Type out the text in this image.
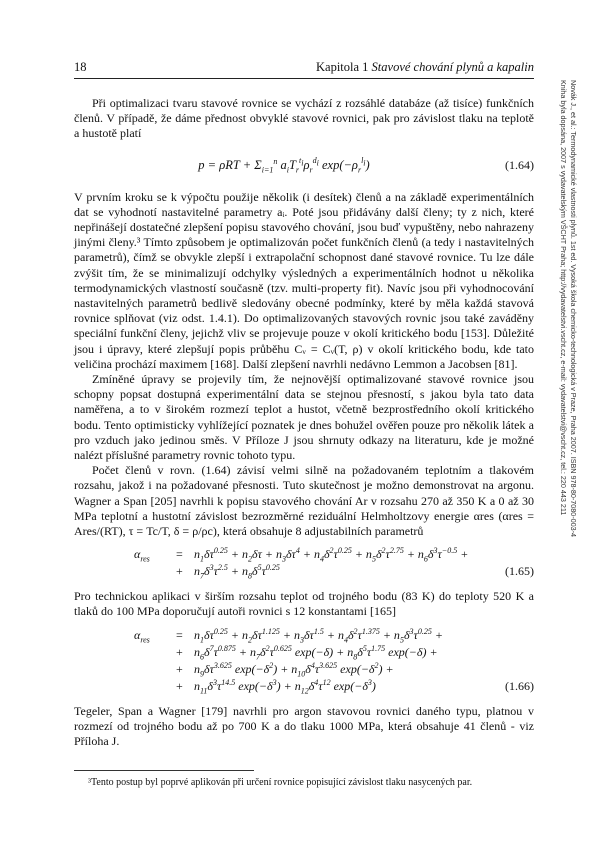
18	Kapitola 1 Stavové chování plynů a kapalin

Při optimalizaci tvaru stavové rovnice se vychází z rozsáhlé databáze (až tisíce) funkčních členů. V případě, že dáme přednost obvyklé stavové rovnici, pak pro závislost tlaku na teplotě a hustotě platí

$p = \rho RT + \Sigma_{i=1}^n$ $a_iT_r^{t_i}\rho_r^{d_i}$ $\exp(-\rho_r^{l_i})$	(1.64)

V prvním kroku se k výpočtu použije několik (i desítek) členů a na základě experimentálních dat se vyhodnotí nastavitelné parametry aᵢ. Poté jsou přidávány další členy; ty z nich, které nepřinášejí dostatečné zlepšení popisu stavového chování, jsou buď vypuštěny, nebo nahrazeny jinými členy.³ Tímto způsobem je optimalizován počet funkčních členů (a tedy i nastavitelných parametrů), čímž se obvykle zlepší i extrapolační schopnost dané stavové rovnice. Tu lze dále zvýšit tím, že se minimalizují odchylky výsledných a experimentálních hodnot u několika termodynamických vlastností současně (tzv. multi-property fit). Navíc jsou při vyhodnocování nastavitelných parametrů bedlivě sledovány obecné podmínky, které by měla každá stavová rovnice splňovat (viz odst. 1.4.1). Do optimalizovaných stavových rovnic jsou také zaváděny speciální funkční členy, jejichž vliv se projevuje pouze v okolí kritického bodu [153]. Důležité jsou i úpravy, které zlepšují popis průběhu Cᵥ = Cᵥ(T, ρ) v okolí kritického bodu, kde tato veličina prochází maximem [168]. Další zlepšení navrhli nedávno Lemmon a Jacobsen [81].

Zmíněné úpravy se projevily tím, že nejnovější optimalizované stavové rovnice jsou schopny popsat dostupná experimentální data se stejnou přesností, s jakou byla tato data naměřena, a to v širokém rozmezí teplot a hustot, včetně bezprostředního okolí kritického bodu. Tento optimisticky vyhlížející poznatek je dnes bohužel ověřen pouze pro několik látek a pro vzduch jako jedinou směs. V Příloze J jsou shrnuty odkazy na literaturu, kde je možné nalézt příslušné parametry rovnic tohoto typu.

Počet členů v rovn. (1.64) závisí velmi silně na požadovaném teplotním a tlakovém rozsahu, jakož i na požadované přesnosti. Tuto skutečnost je možno demonstrovat na argonu. Wagner a Span [205] navrhli k popisu stavového chování Ar v rozsahu 270 až 350 K a 0 až 30 MPa teplotní a hustotní závislost bezrozměrné reziduální Helmholtzovy energie αres (αres = Ares/(RT), τ = Tc/T, δ = ρ/ρc), která obsahuje 8 adjustabilních parametrů

$\alpha_{res} = n_1\delta\tau^{0.25} + n_2\delta\tau + n_3\delta\tau^4 + n_4\delta^2\tau^{0.25} + n_5\delta^2\tau^{2.75} + n_6\delta^3\tau^{-0.5}$ +
+ $n_7\delta^3\tau^{2.5} + n_8\delta^5\tau^{0.25}$	(1.65)

Pro technickou aplikaci v širším rozsahu teplot od trojného bodu (83 K) do teploty 520 K a tlaků do 100 MPa doporučují autoři rovnici s 12 konstantami [165]

$\alpha_{res} = n_1\delta\tau^{0.25} + n_2\delta\tau^{1.125} + n_3\delta\tau^{1.5} + n_4\delta^2\tau^{1.375} + n_5\delta^3\tau^{0.25}$ +
+ $n_6\delta^7\tau^{0.875} + n_7\delta^2\tau^{0.625}$ $\exp(-\delta) + n_8\delta^5\tau^{1.75}$ exp(−δ) +
+ $n_9\delta\tau^{3.625}$ $\exp(-\delta^2) + n_{10}\delta^4\tau^{3.625}$ $\exp(-\delta^2)$ +
+ $n_{11}\delta^3\tau^{14.5}$ $\exp(-\delta^3) + n_{12}\delta^4\tau^{12}$ $\exp(-\delta^3)$	(1.66)

Tegeler, Span a Wagner [179] navrhli pro argon stavovou rovnici daného typu, platnou v rozmezí od trojného bodu až po 700 K a do tlaku 1000 MPa, která obsahuje 41 členů - viz Příloha J.

³Tento postup byl poprvé aplikován při určení rovnice popisující závislost tlaku nasycených par.
Novák J., et al.: Termodynamické vlastnosti plynů. 1st ed. Vysoká škola chemicko-technologická v Praze, Praha 2007. ISBN 978-80-7080-003-4
Kniha byla dopsána, 2007 s vydavatelským VŠCHT Praha; http://vydavatelstvi.vscht.cz, e-mail: vydavatelstvi@vscht.cz, tel.: 220 443 211
